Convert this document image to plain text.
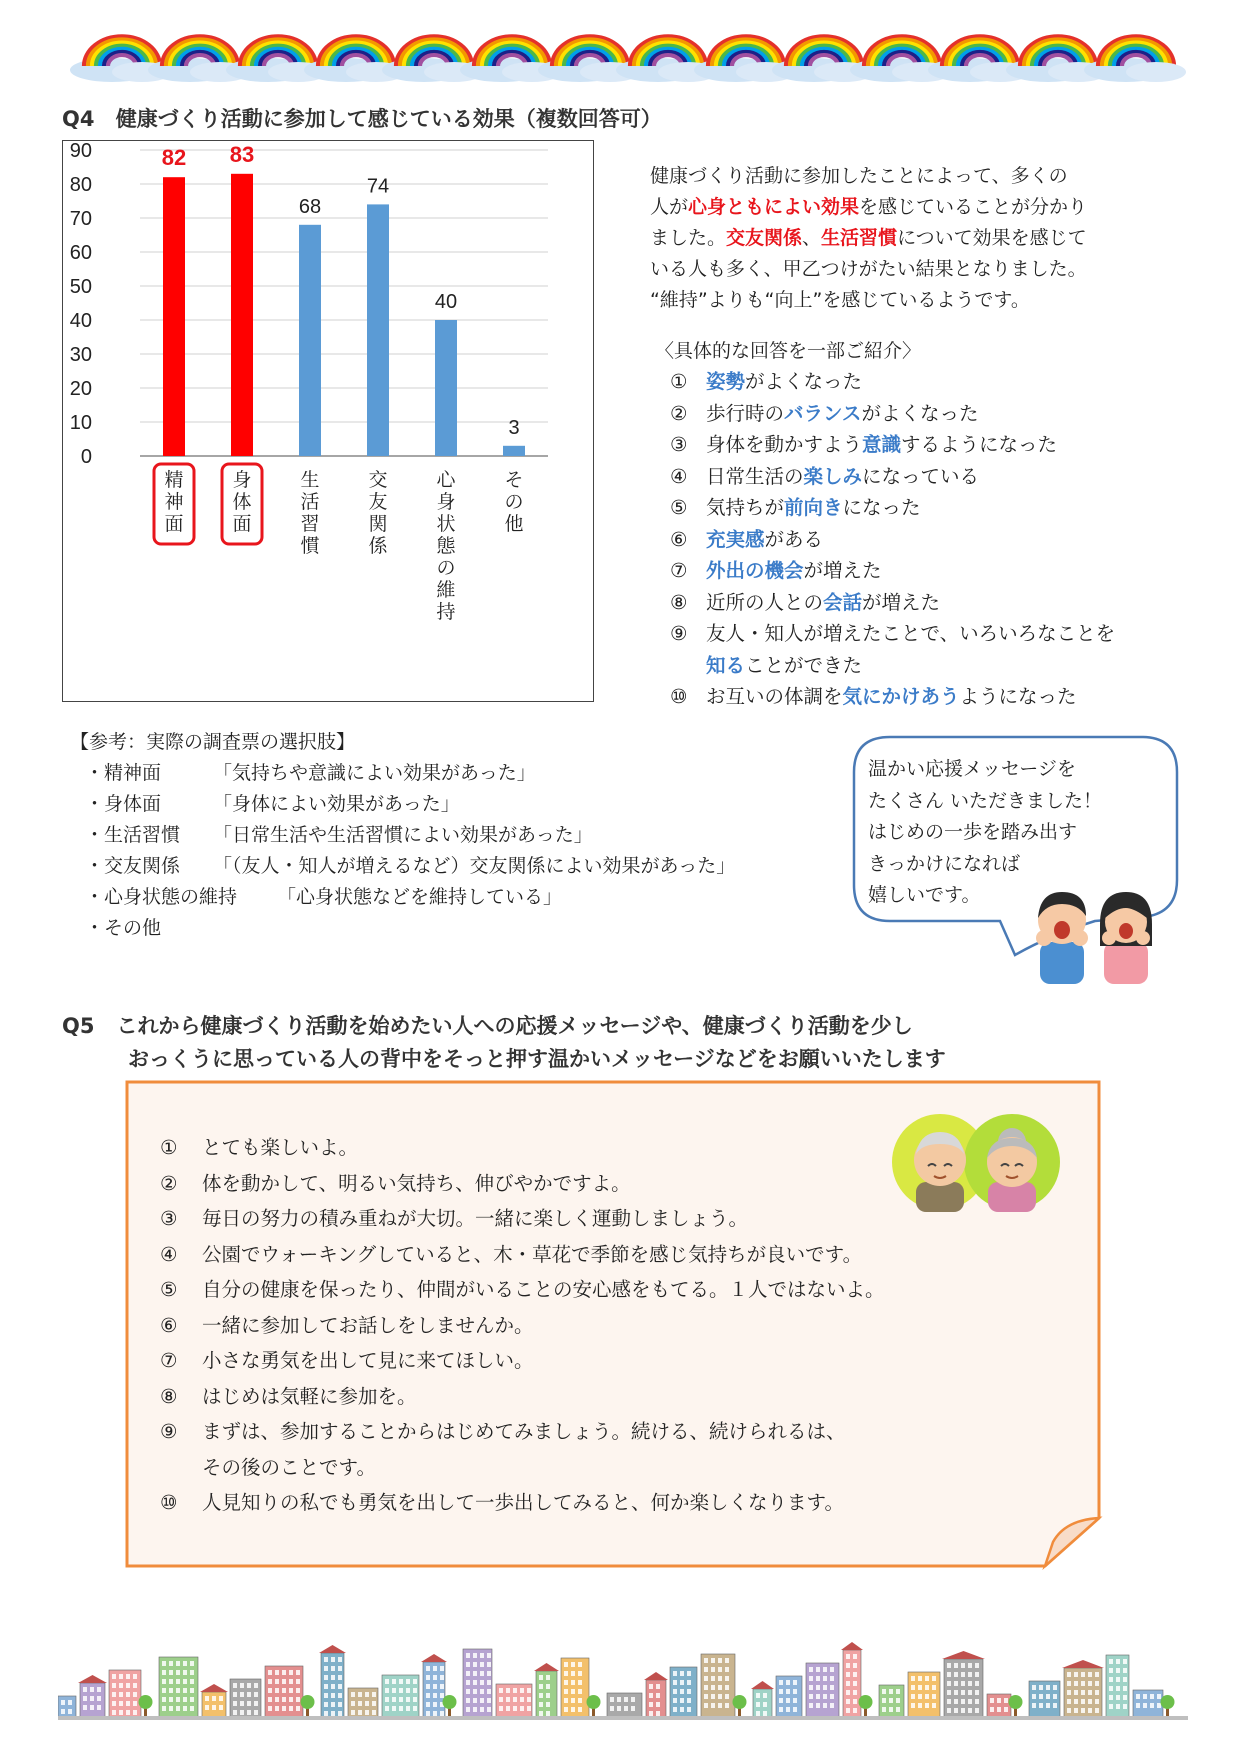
Q4 健康づくり活動に参加して感じている効果（複数回答可）
0
10
20
30
40
50
60
70
80
90	82
精
神
面
83
身
体
面
68
生
活
習
慣
74
交
友
関
係
40
心
身
状
態
の
維
持
3
そ
の
他
健康づくり活動に参加したことによって、多くの
人が心身ともによい効果を感じていることが分かり
ました。交友関係、生活習慣について効果を感じて
いる人も多く、甲乙つけがたい結果となりました。
“維持”よりも“向上”を感じているようです。
〈具体的な回答を一部ご紹介〉
① 姿勢がよくなった
② 歩行時のバランスがよくなった
③ 身体を動かすよう意識するようになった
④ 日常生活の楽しみになっている
⑤ 気持ちが前向きになった
⑥ 充実感がある
⑦ 外出の機会が増えた
⑧ 近所の人との会話が増えた
⑨ 友人・知人が増えたことで、いろいろなことを
知ることができた
⑩ お互いの体調を気にかけあうようになった
【参考：実際の調査票の選択肢】
・精神面	「気持ちや意識によい効果があった」
・身体面	「身体によい効果があった」
・生活習慣 「日常生活や生活習慣によい効果があった」
・交友関係 「（友人・知人が増えるなど）交友関係によい効果があった」
・心身状態の維持 「心身状態などを維持している」
・その他
温かい応援メッセージを
たくさん いただきました！
はじめの一歩を踏み出す
きっかけになれば
嬉しいです。
Q5 これから健康づくり活動を始めたい人への応援メッセージや、健康づくり活動を少し
おっくうに思っている人の背中をそっと押す温かいメッセージなどをお願いいたします
① とても楽しいよ。
② 体を動かして、明るい気持ち、伸びやかですよ。
③ 毎日の努力の積み重ねが大切。一緒に楽しく運動しましょう。
④ 公園でウォーキングしていると、木・草花で季節を感じ気持ちが良いです。
⑤ 自分の健康を保ったり、仲間がいることの安心感をもてる。１人ではないよ。
⑥ 一緒に参加してお話しをしませんか。
⑦ 小さな勇気を出して見に来てほしい。
⑧ はじめは気軽に参加を。
⑨ まずは、参加することからはじめてみましょう。続ける、続けられるは、
その後のことです。
⑩ 人見知りの私でも勇気を出して一歩出してみると、何か楽しくなります。
